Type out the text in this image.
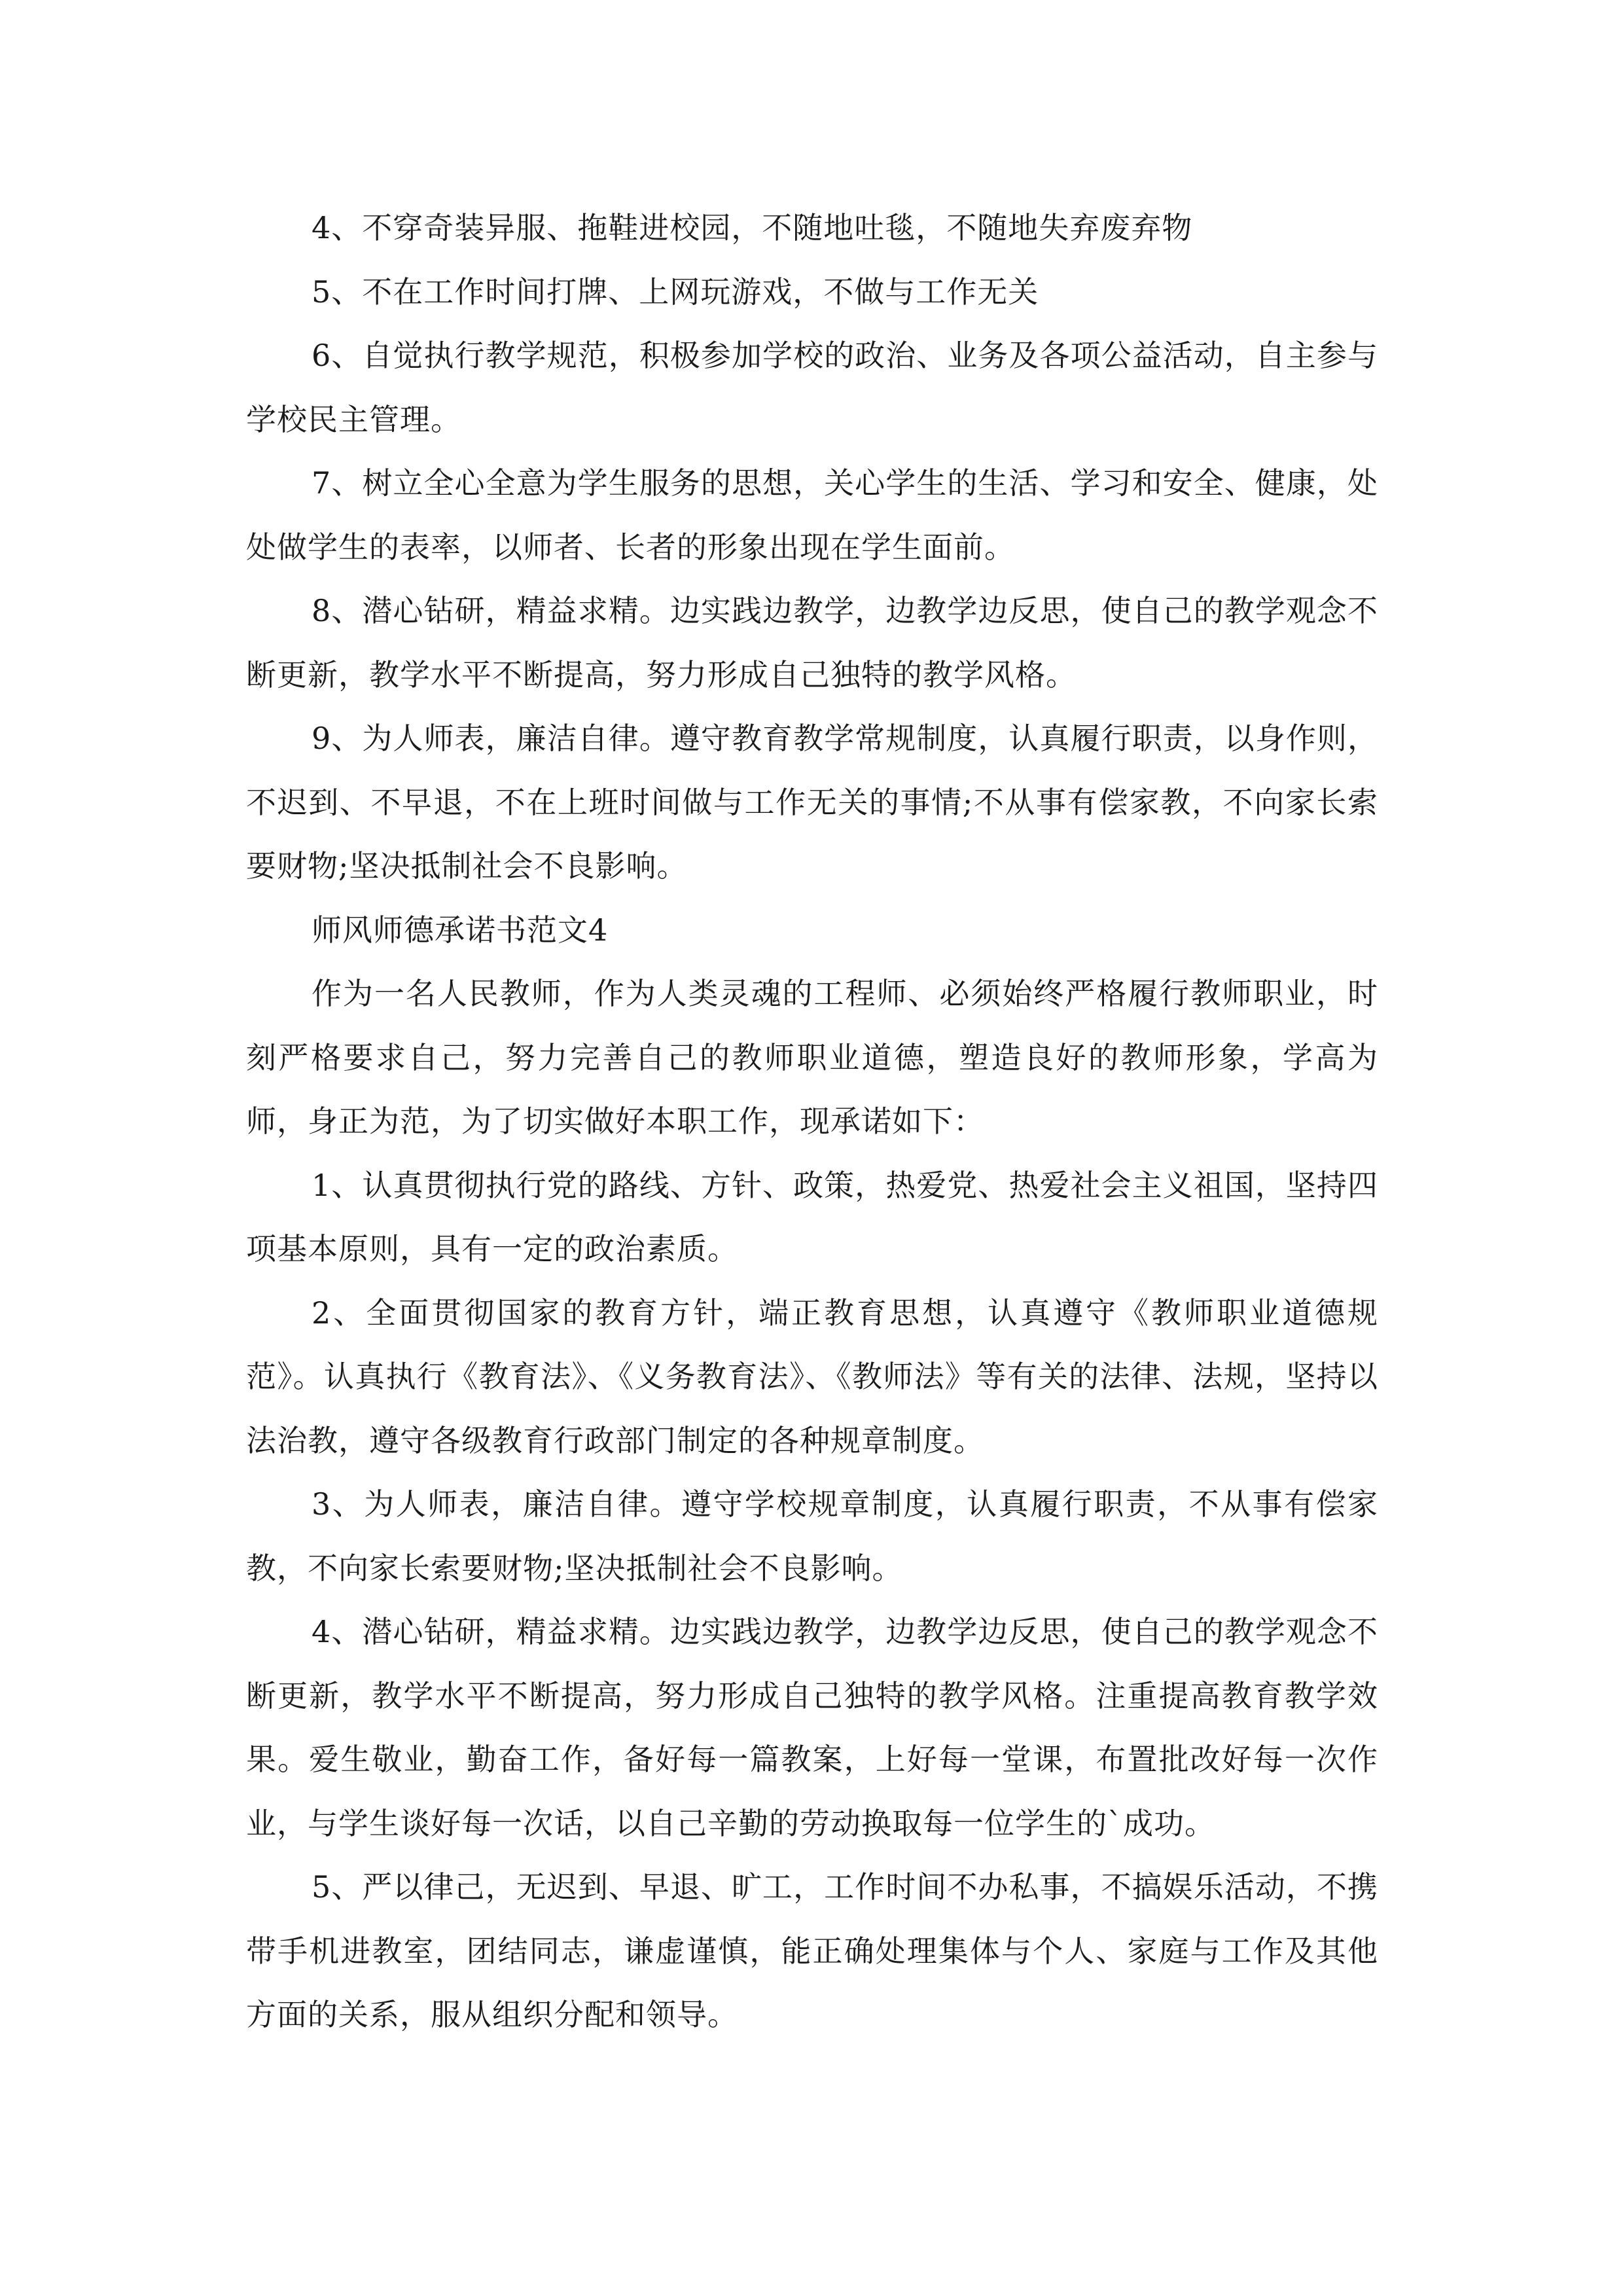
4、不穿奇装异服、拖鞋进校园，不随地吐毯，不随地失弃废弃物

5、不在工作时间打牌、上网玩游戏，不做与工作无关

6、自觉执行教学规范，积极参加学校的政治、业务及各项公益活动，自主参与学校民主管理。

7、树立全心全意为学生服务的思想，关心学生的生活、学习和安全、健康，处处做学生的表率，以师者、长者的形象出现在学生面前。

8、潜心钻研，精益求精。边实践边教学，边教学边反思，使自己的教学观念不断更新，教学水平不断提高，努力形成自己独特的教学风格。

9、为人师表，廉洁自律。遵守教育教学常规制度，认真履行职责，以身作则，不迟到、不早退，不在上班时间做与工作无关的事情;不从事有偿家教，不向家长索要财物;坚决抵制社会不良影响。

师风师德承诺书范文4

作为一名人民教师，作为人类灵魂的工程师、必须始终严格履行教师职业，时刻严格要求自己，努力完善自己的教师职业道德，塑造良好的教师形象，学高为师，身正为范，为了切实做好本职工作，现承诺如下：

1、认真贯彻执行党的路线、方针、政策，热爱党、热爱社会主义祖国，坚持四项基本原则，具有一定的政治素质。

2、全面贯彻国家的教育方针，端正教育思想，认真遵守《教师职业道德规范》。认真执行《教育法》、《义务教育法》、《教师法》等有关的法律、法规，坚持以法治教，遵守各级教育行政部门制定的各种规章制度。

3、为人师表，廉洁自律。遵守学校规章制度，认真履行职责，不从事有偿家教，不向家长索要财物;坚决抵制社会不良影响。

4、潜心钻研，精益求精。边实践边教学，边教学边反思，使自己的教学观念不断更新，教学水平不断提高，努力形成自己独特的教学风格。注重提高教育教学效果。爱生敬业，勤奋工作，备好每一篇教案，上好每一堂课，布置批改好每一次作业，与学生谈好每一次话，以自己辛勤的劳动换取每一位学生的`成功。

5、严以律己，无迟到、早退、旷工，工作时间不办私事，不搞娱乐活动，不携带手机进教室，团结同志，谦虚谨慎，能正确处理集体与个人、家庭与工作及其他方面的关系，服从组织分配和领导。
